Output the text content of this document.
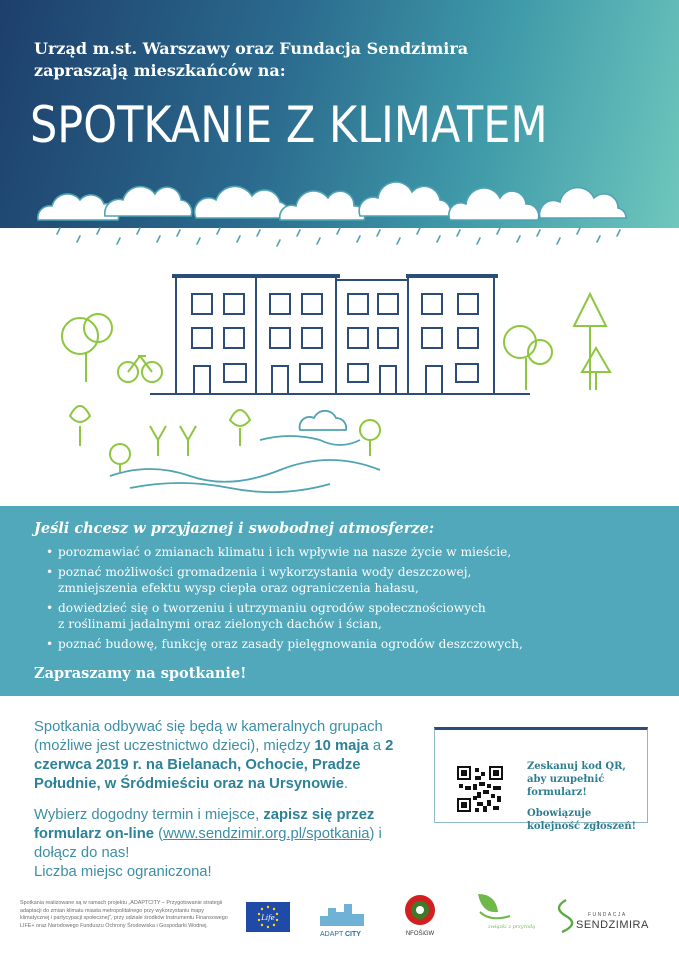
Urząd m.st. Warszawy oraz Fundacja Sendzimira
zapraszają mieszkańców na:
SPOTKANIE Z KLIMATEM
Jeśli chcesz w przyjaznej i swobodnej atmosferze:
• porozmawiać o zmianach klimatu i ich wpływie na nasze życie w mieście,
• poznać możliwości gromadzenia i wykorzystania wody deszczowej,
zmniejszenia efektu wysp ciepła oraz ograniczenia hałasu,
• dowiedzieć się o tworzeniu i utrzymaniu ogrodów społecznościowych
z roślinami jadalnymi oraz zielonych dachów i ścian,
• poznać budowę, funkcję oraz zasady pielęgnowania ogrodów deszczowych,
Zapraszamy na spotkanie!

Spotkania odbywać się będą w kameralnych grupach (możliwe jest uczestnictwo dzieci), między 10 maja a 2 czerwca 2019 r. na Bielanach, Ochocie, Pradze Południe, w Śródmieściu oraz na Ursynowie.

Wybierz dogodny termin i miejsce, zapisz się przez formularz on-line (www.sendzimir.org.pl/spotkania) i dołącz do nas!
Liczba miejsc ograniczona!

Zeskanuj kod QR, aby uzupełnić formularz!
Obowiązuje kolejność zgłoszeń!
Spotkania realizowane są w ramach projektu „ADAPTCITY – Przygotowanie strategii adaptacji do zmian klimatu miasta metropolitalnego przy wykorzystaniu mapy klimatycznej i partycypacji społecznej", przy udziale środków Instrumentu Finansowego LIFE+ oraz Narodowego Funduszu Ochrony Środowiska i Gospodarki Wodnej.
Life
ADAPT CITY	NFOŚiGW
związki z przyrodą
FUNDACJA
SENDZIMIRA
